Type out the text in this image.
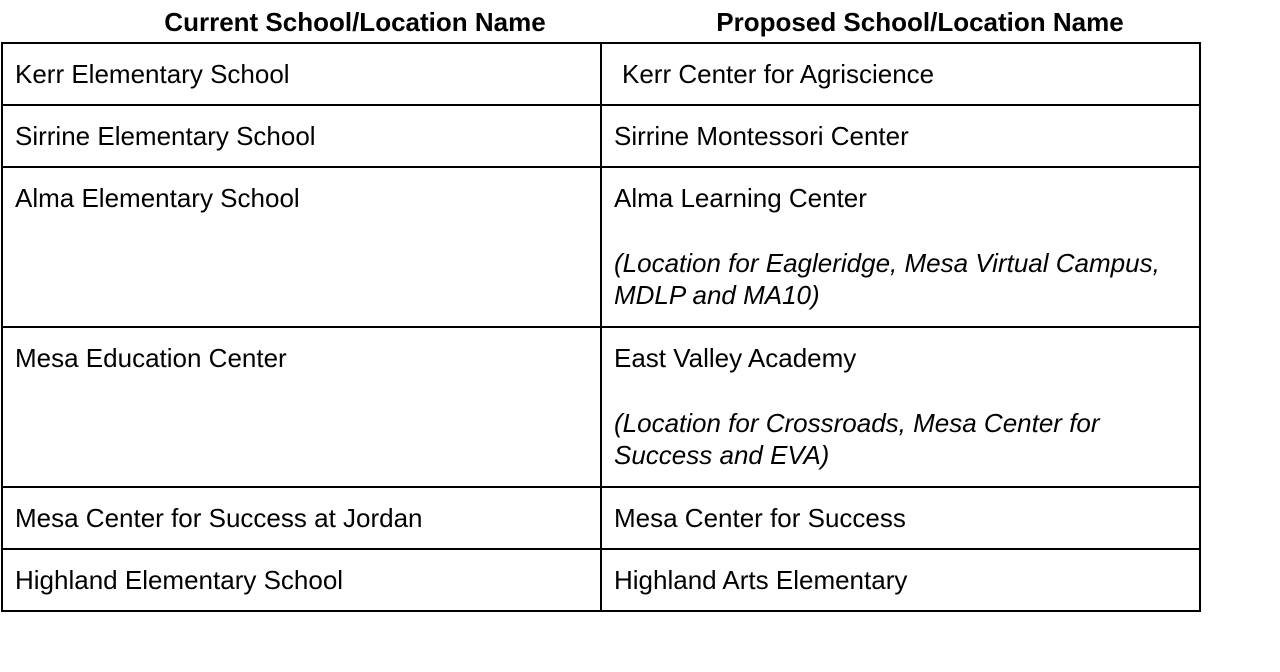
Current School/Location Name	Proposed School/Location Name
Kerr Elementary School	Kerr Center for Agriscience

Sirrine Elementary School	Sirrine Montessori Center

Alma Elementary School	Alma Learning Center
(Location for Eagleridge, Mesa Virtual Campus, MDLP and MA10)

Mesa Education Center	East Valley Academy
(Location for Crossroads, Mesa Center for Success and EVA)

Mesa Center for Success at Jordan	Mesa Center for Success

Highland Elementary School	Highland Arts Elementary
